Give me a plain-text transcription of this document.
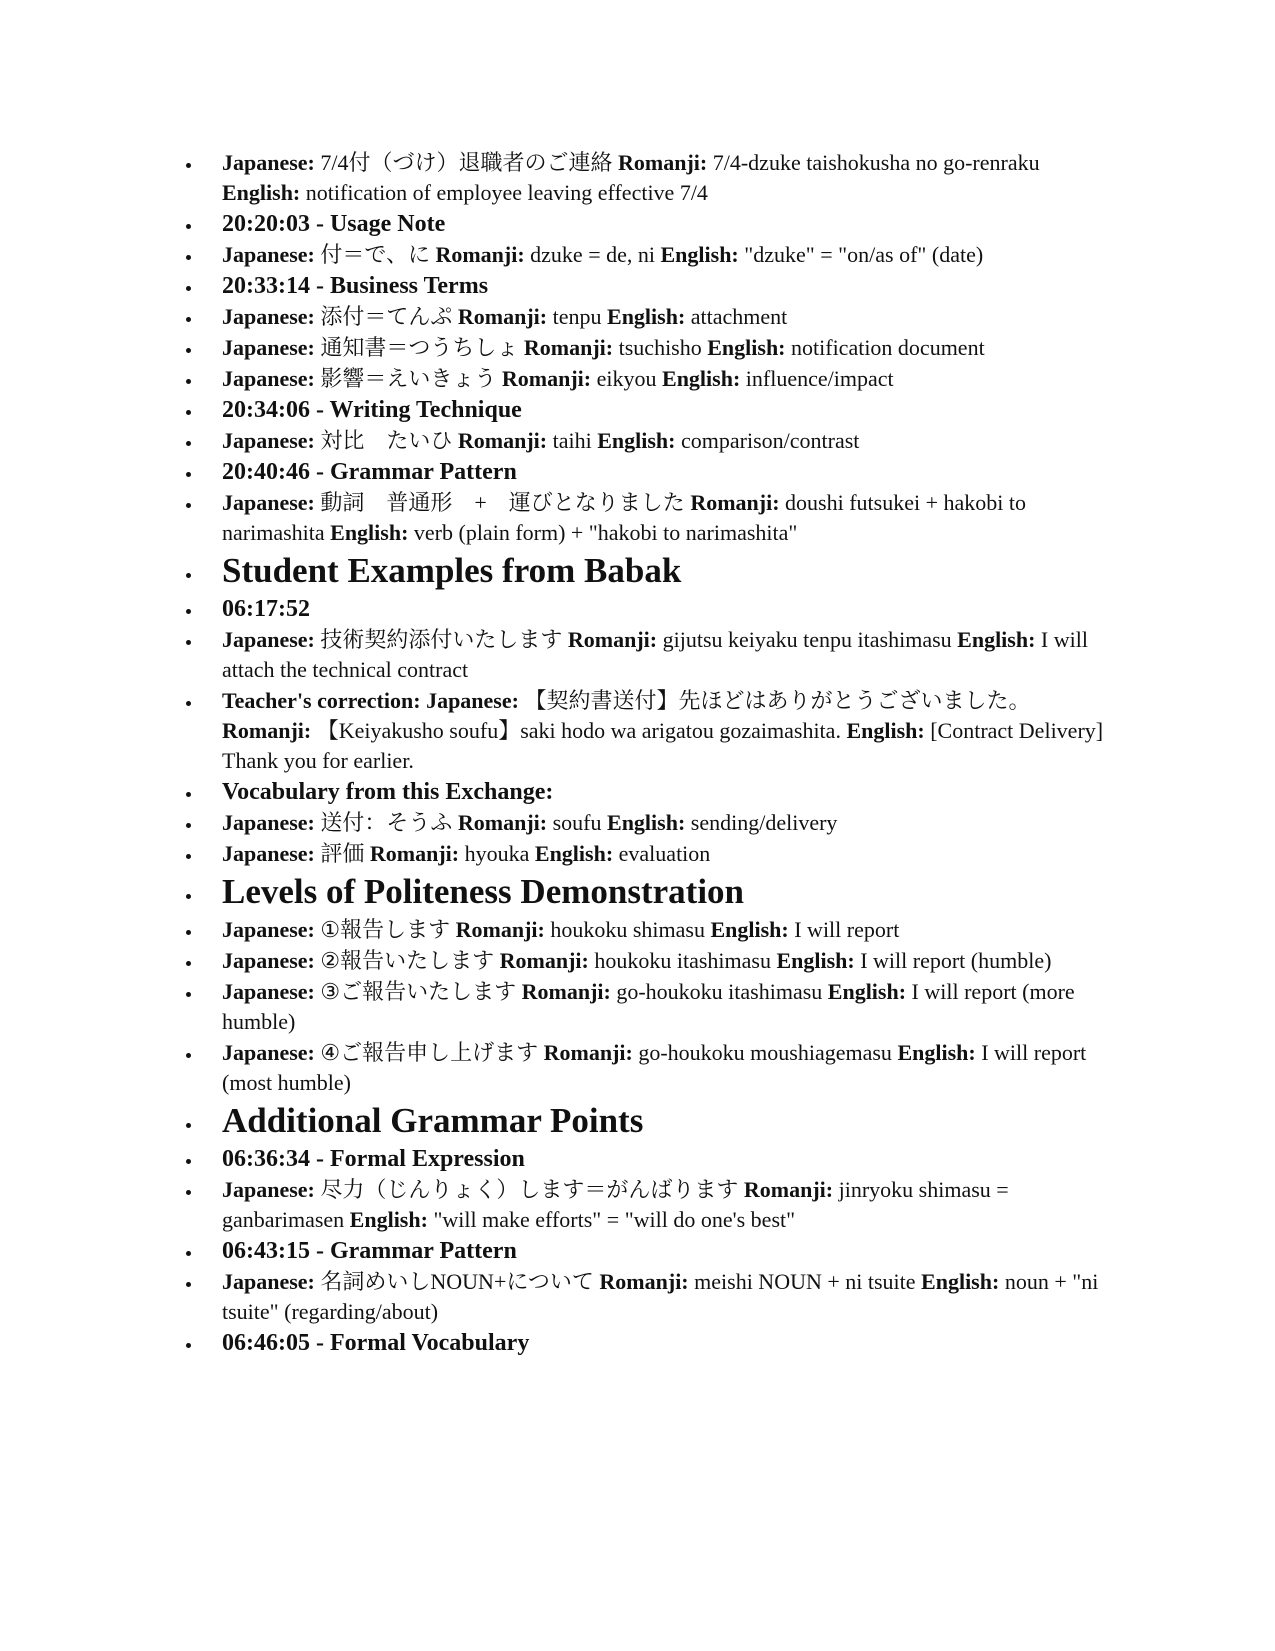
Japanese: 7/4付（づけ）退職者のご連絡 Romanji: 7/4-dzuke taishokusha no go-renraku English: notification of employee leaving effective 7/4
20:20:03 - Usage Note
Japanese: 付＝で、に Romanji: dzuke = de, ni English: "dzuke" = "on/as of" (date)
20:33:14 - Business Terms
Japanese: 添付＝てんぷ Romanji: tenpu English: attachment
Japanese: 通知書＝つうちしょ Romanji: tsuchisho English: notification document
Japanese: 影響＝えいきょう Romanji: eikyou English: influence/impact
20:34:06 - Writing Technique
Japanese: 対比　たいひ Romanji: taihi English: comparison/contrast
20:40:46 - Grammar Pattern
Japanese: 動詞　普通形　+　運びとなりました Romanji: doushi futsukei + hakobi to narimashita English: verb (plain form) + "hakobi to narimashita"
Student Examples from Babak
06:17:52
Japanese: 技術契約添付いたします Romanji: gijutsu keiyaku tenpu itashimasu English: I will attach the technical contract
Teacher's correction: Japanese: 【契約書送付】先ほどはありがとうございました。 Romanji: 【Keiyakusho soufu】saki hodo wa arigatou gozaimashita. English: [Contract Delivery] Thank you for earlier.
Vocabulary from this Exchange:
Japanese: 送付：そうふ Romanji: soufu English: sending/delivery
Japanese: 評価 Romanji: hyouka English: evaluation
Levels of Politeness Demonstration
Japanese: ①報告します Romanji: houkoku shimasu English: I will report
Japanese: ②報告いたします Romanji: houkoku itashimasu English: I will report (humble)
Japanese: ③ご報告いたします Romanji: go-houkoku itashimasu English: I will report (more humble)
Japanese: ④ご報告申し上げます Romanji: go-houkoku moushiagemasu English: I will report (most humble)
Additional Grammar Points
06:36:34 - Formal Expression
Japanese: 尽力（じんりょく）します＝がんばります Romanji: jinryoku shimasu = ganbarimasen English: "will make efforts" = "will do one's best"
06:43:15 - Grammar Pattern
Japanese: 名詞めいしNOUN+について Romanji: meishi NOUN + ni tsuite English: noun + "ni tsuite" (regarding/about)
06:46:05 - Formal Vocabulary
